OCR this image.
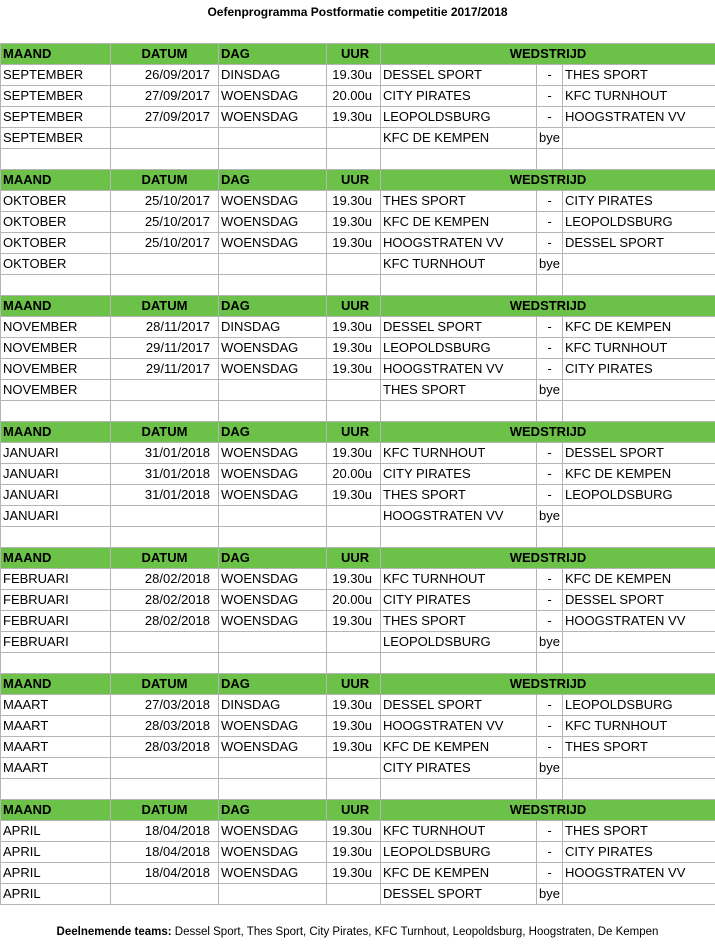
Oefenprogramma Postformatie competitie 2017/2018
MAAND	DATUM	DAG	UUR	WEDSTRIJD		
SEPTEMBER	26/09/2017	DINSDAG	19.30u	DESSEL SPORT	-	THES SPORT
SEPTEMBER	27/09/2017	WOENSDAG	20.00u	CITY PIRATES	-	KFC TURNHOUT
SEPTEMBER	27/09/2017	WOENSDAG	19.30u	LEOPOLDSBURG	-	HOOGSTRATEN VV
SEPTEMBER				KFC DE KEMPEN	bye	

MAAND	DATUM	DAG	UUR	WEDSTRIJD		
OKTOBER	25/10/2017	WOENSDAG	19.30u	THES SPORT	-	CITY PIRATES
OKTOBER	25/10/2017	WOENSDAG	19.30u	KFC DE KEMPEN	-	LEOPOLDSBURG
OKTOBER	25/10/2017	WOENSDAG	19.30u	HOOGSTRATEN VV	-	DESSEL SPORT
OKTOBER				KFC TURNHOUT	bye	

MAAND	DATUM	DAG	UUR	WEDSTRIJD		
NOVEMBER	28/11/2017	DINSDAG	19.30u	DESSEL SPORT	-	KFC DE KEMPEN
NOVEMBER	29/11/2017	WOENSDAG	19.30u	LEOPOLDSBURG	-	KFC TURNHOUT
NOVEMBER	29/11/2017	WOENSDAG	19.30u	HOOGSTRATEN VV	-	CITY PIRATES
NOVEMBER				THES SPORT	bye	

MAAND	DATUM	DAG	UUR	WEDSTRIJD		
JANUARI	31/01/2018	WOENSDAG	19.30u	KFC TURNHOUT	-	DESSEL SPORT
JANUARI	31/01/2018	WOENSDAG	20.00u	CITY PIRATES	-	KFC DE KEMPEN
JANUARI	31/01/2018	WOENSDAG	19.30u	THES SPORT	-	LEOPOLDSBURG
JANUARI				HOOGSTRATEN VV	bye	

MAAND	DATUM	DAG	UUR	WEDSTRIJD		
FEBRUARI	28/02/2018	WOENSDAG	19.30u	KFC TURNHOUT	-	KFC DE KEMPEN
FEBRUARI	28/02/2018	WOENSDAG	20.00u	CITY PIRATES	-	DESSEL SPORT
FEBRUARI	28/02/2018	WOENSDAG	19.30u	THES SPORT	-	HOOGSTRATEN VV
FEBRUARI				LEOPOLDSBURG	bye	

MAAND	DATUM	DAG	UUR	WEDSTRIJD		
MAART	27/03/2018	DINSDAG	19.30u	DESSEL SPORT	-	LEOPOLDSBURG
MAART	28/03/2018	WOENSDAG	19.30u	HOOGSTRATEN VV	-	KFC TURNHOUT
MAART	28/03/2018	WOENSDAG	19.30u	KFC DE KEMPEN	-	THES SPORT
MAART				CITY PIRATES	bye	

MAAND	DATUM	DAG	UUR	WEDSTRIJD		
APRIL	18/04/2018	WOENSDAG	19.30u	KFC TURNHOUT	-	THES SPORT
APRIL	18/04/2018	WOENSDAG	19.30u	LEOPOLDSBURG	-	CITY PIRATES
APRIL	18/04/2018	WOENSDAG	19.30u	KFC DE KEMPEN	-	HOOGSTRATEN VV
APRIL				DESSEL SPORT	bye	
Deelnemende teams: Dessel Sport, Thes Sport, City Pirates, KFC Turnhout, Leopoldsburg, Hoogstraten, De Kempen
